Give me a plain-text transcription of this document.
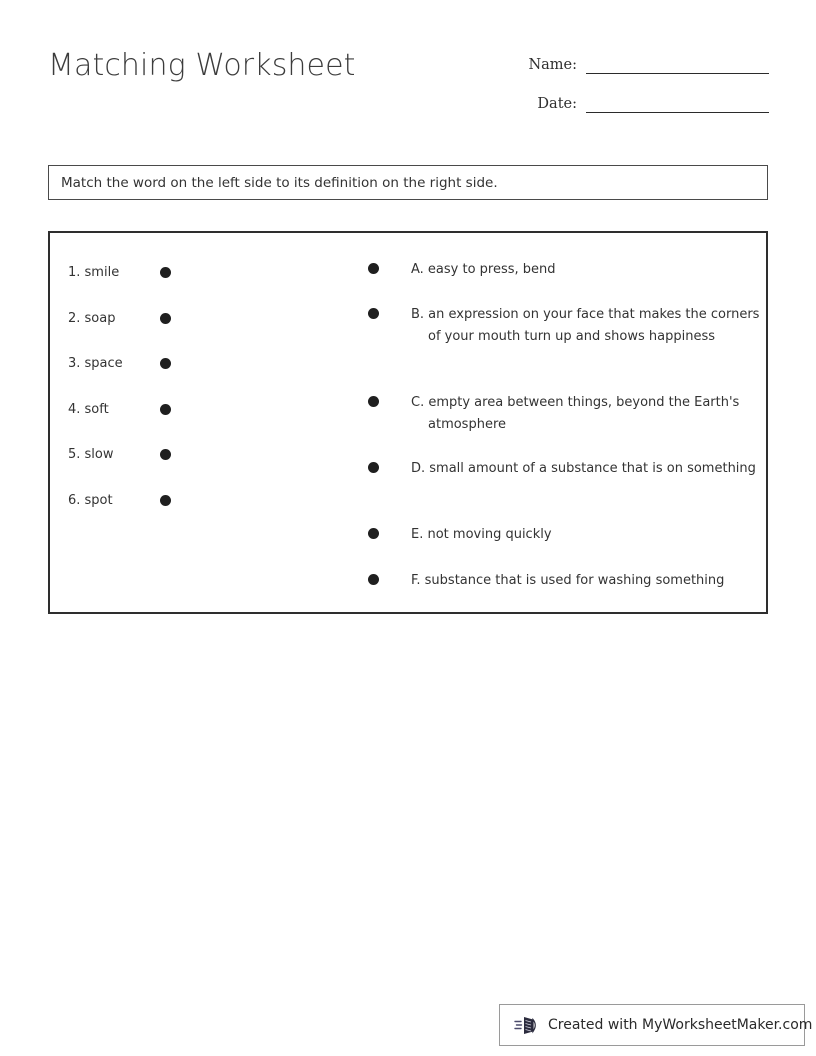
Matching Worksheet	Name:
Date:
Match the word on the left side to its definition on the right side.
1. smile
2. soap
3. space
4. soft
5. slow
6. spot
A. easy to press, bend
B. an expression on your face that makes the corners of your mouth turn up and shows happiness
C. empty area between things, beyond the Earth's atmosphere
D. small amount of a substance that is on something
E. not moving quickly
F. substance that is used for washing something
Created with MyWorksheetMaker.com
